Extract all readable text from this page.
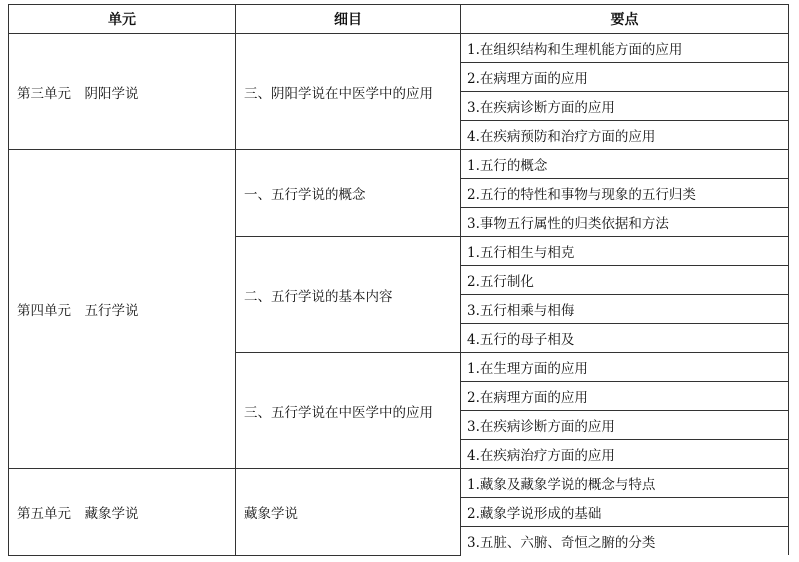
单元	细目	要点
第三单元　阴阳学说	三、阴阳学说在中医学中的应用	1.在组织结构和生理机能方面的应用
		2.在病理方面的应用
		3.在疾病诊断方面的应用
		4.在疾病预防和治疗方面的应用
第四单元　五行学说	一、五行学说的概念	1.五行的概念
		2.五行的特性和事物与现象的五行归类
		3.事物五行属性的归类依据和方法
	二、五行学说的基本内容	1.五行相生与相克
		2.五行制化
		3.五行相乘与相侮
		4.五行的母子相及
	三、五行学说在中医学中的应用	1.在生理方面的应用
		2.在病理方面的应用
		3.在疾病诊断方面的应用
		4.在疾病治疗方面的应用
第五单元　藏象学说	藏象学说	1.藏象及藏象学说的概念与特点
		2.藏象学说形成的基础
		3.五脏、六腑、奇恒之腑的分类
